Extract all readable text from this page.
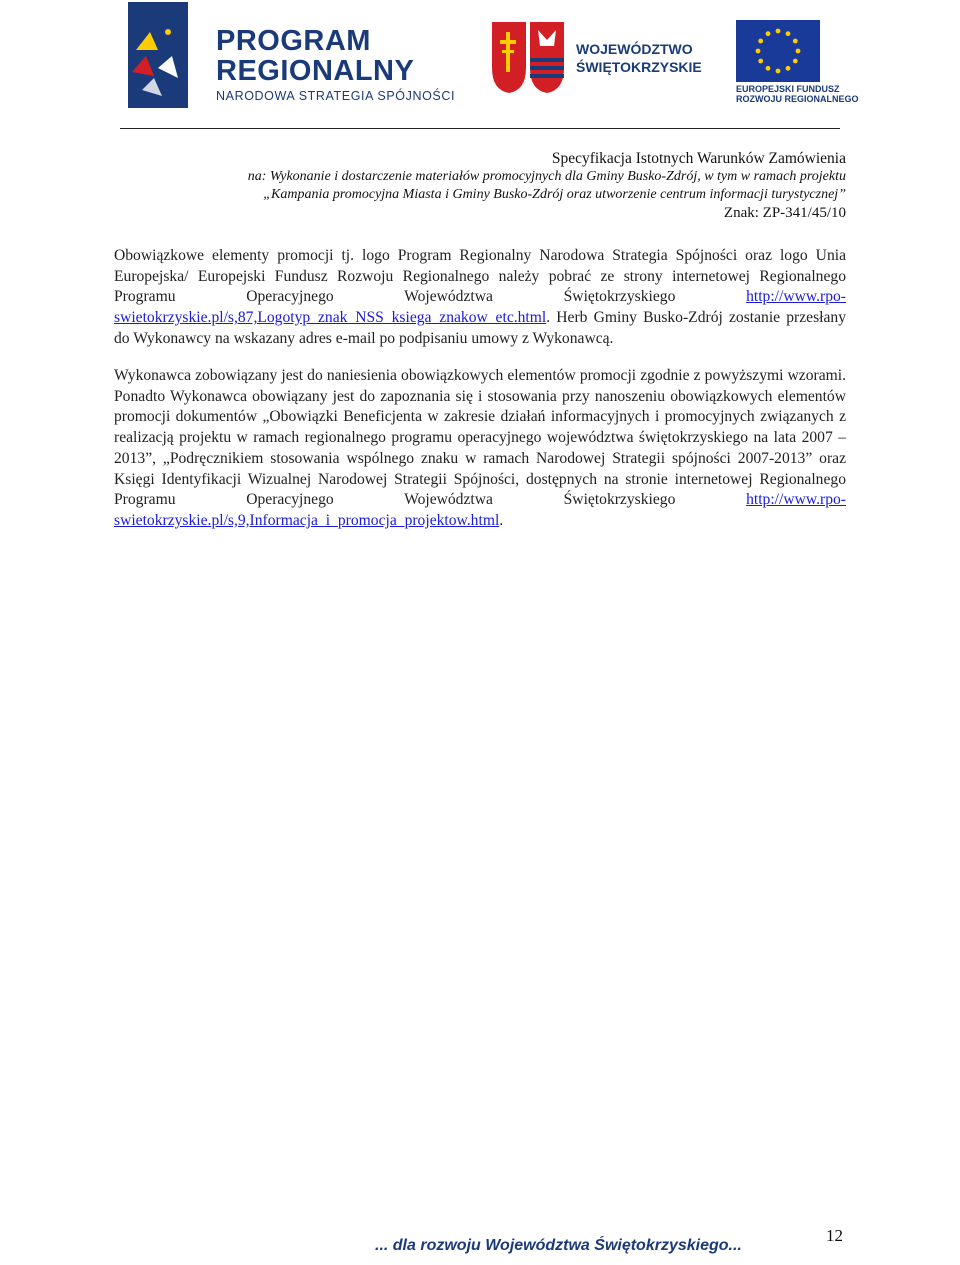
PROGRAM
REGIONALNY
NARODOWA STRATEGIA SPÓJNOŚCI
WOJEWÓDZTWO
ŚWIĘTOKRZYSKIE
EUROPEJSKI FUNDUSZ
ROZWOJU REGIONALNEGO
Specyfikacja Istotnych Warunków Zamówienia
na: Wykonanie i dostarczenie materiałów promocyjnych dla Gminy Busko-Zdrój, w tym w ramach projektu
„Kampania promocyjna Miasta i Gminy Busko-Zdrój oraz utworzenie centrum informacji turystycznej”
Znak: ZP-341/45/10
Obowiązkowe elementy promocji tj. logo Program Regionalny Narodowa Strategia Spójności oraz logo Unia Europejska/ Europejski Fundusz Rozwoju Regionalnego należy pobrać ze strony internetowej Regionalnego Programu Operacyjnego Województwa Świętokrzyskiego http://www.rpo-swietokrzyskie.pl/s,87,Logotyp_znak_NSS_ksiega_znakow_etc.html. Herb Gminy Busko-Zdrój zostanie przesłany do Wykonawcy na wskazany adres e-mail po podpisaniu umowy z Wykonawcą.
Wykonawca zobowiązany jest do naniesienia obowiązkowych elementów promocji zgodnie z powyższymi wzorami. Ponadto Wykonawca obowiązany jest do zapoznania się i stosowania przy nanoszeniu obowiązkowych elementów promocji dokumentów „Obowiązki Beneficjenta w zakresie działań informacyjnych i promocyjnych związanych z realizacją projektu w ramach regionalnego programu operacyjnego województwa świętokrzyskiego na lata 2007 – 2013”, „Podręcznikiem stosowania wspólnego znaku w ramach Narodowej Strategii spójności 2007-2013” oraz Księgi Identyfikacji Wizualnej Narodowej Strategii Spójności, dostępnych na stronie internetowej Regionalnego Programu Operacyjnego Województwa Świętokrzyskiego http://www.rpo-swietokrzyskie.pl/s,9,Informacja_i_promocja_projektow.html.
... dla rozwoju Województwa Świętokrzyskiego...
12
